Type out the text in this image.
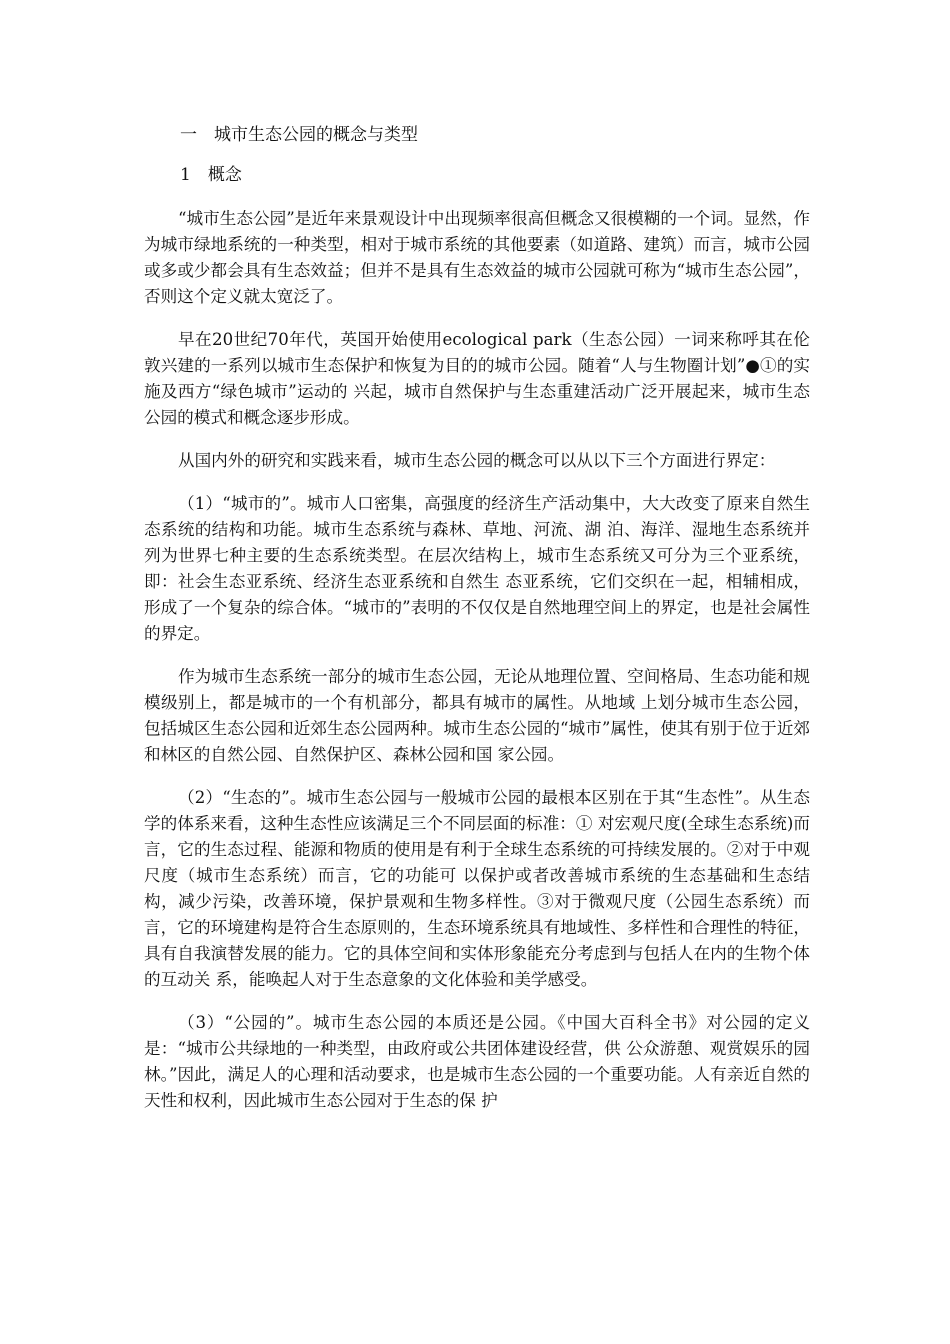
一　城市生态公园的概念与类型

1　概念

“城市生态公园”是近年来景观设计中出现频率很高但概念又很模糊的一个词。显然，作为城市绿地系统的一种类型，相对于城市系统的其他要素（如道路、建筑）而言，城市公园或多或少都会具有生态效益；但并不是具有生态效益的城市公园就可称为“城市生态公园”，否则这个定义就太宽泛了。

早在20世纪70年代，英国开始使用ecological park（生态公园）一词来称呼其在伦敦兴建的一系列以城市生态保护和恢复为目的的城市公园。随着“人与生物圈计划”●①的实施及西方“绿色城市”运动的 兴起，城市自然保护与生态重建活动广泛开展起来，城市生态公园的模式和概念逐步形成。

从国内外的研究和实践来看，城市生态公园的概念可以从以下三个方面进行界定：

（1）“城市的”。城市人口密集，高强度的经济生产活动集中，大大改变了原来自然生态系统的结构和功能。城市生态系统与森林、草地、河流、湖 泊、海洋、湿地生态系统并列为世界七种主要的生态系统类型。在层次结构上，城市生态系统又可分为三个亚系统，即：社会生态亚系统、经济生态亚系统和自然生 态亚系统，它们交织在一起，相辅相成，形成了一个复杂的综合体。“城市的”表明的不仅仅是自然地理空间上的界定，也是社会属性的界定。

作为城市生态系统一部分的城市生态公园，无论从地理位置、空间格局、生态功能和规模级别上，都是城市的一个有机部分，都具有城市的属性。从地域 上划分城市生态公园，包括城区生态公园和近郊生态公园两种。城市生态公园的“城市”属性，使其有别于位于近郊和林区的自然公园、自然保护区、森林公园和国 家公园。

（2）“生态的”。城市生态公园与一般城市公园的最根本区别在于其“生态性”。从生态学的体系来看，这种生态性应该满足三个不同层面的标准：① 对宏观尺度(全球生态系统)而言，它的生态过程、能源和物质的使用是有利于全球生态系统的可持续发展的。②对于中观尺度（城市生态系统）而言，它的功能可 以保护或者改善城市系统的生态基础和生态结构，减少污染，改善环境，保护景观和生物多样性。③对于微观尺度（公园生态系统）而言，它的环境建构是符合生态原则的，生态环境系统具有地域性、多样性和合理性的特征，具有自我演替发展的能力。它的具体空间和实体形象能充分考虑到与包括人在内的生物个体的互动关 系，能唤起人对于生态意象的文化体验和美学感受。

（3）“公园的”。城市生态公园的本质还是公园。《中国大百科全书》对公园的定义是：“城市公共绿地的一种类型，由政府或公共团体建设经营，供 公众游憩、观赏娱乐的园林。”因此，满足人的心理和活动要求，也是城市生态公园的一个重要功能。人有亲近自然的天性和权利，因此城市生态公园对于生态的保 护
